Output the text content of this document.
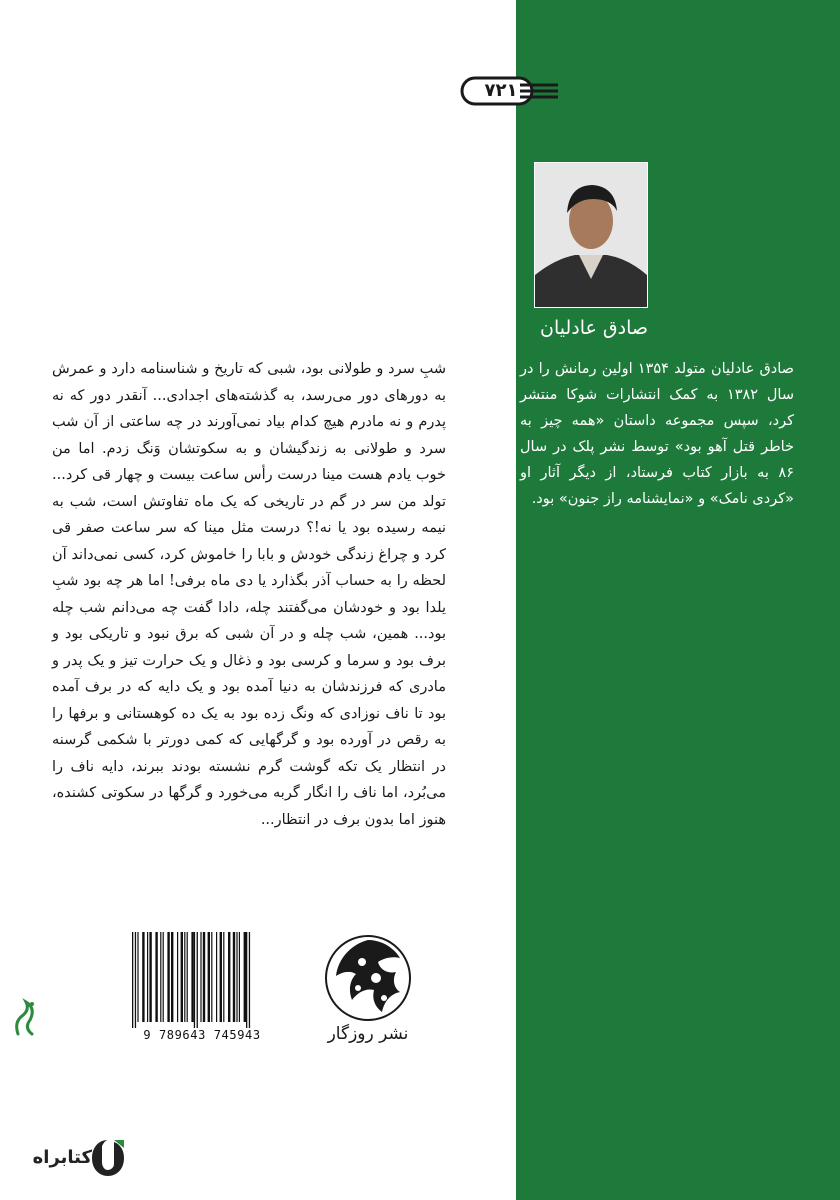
۷۲۱
صادق عادلیان
صادق عادلیان متولد ۱۳۵۴ اولین رمانش را در سال ۱۳۸۲ به کمک انتشارات شوکا منتشر کرد، سپس مجموعه داستان «همه چیز به خاطر قتل آهو بود» توسط نشر پلک در سال ۸۶ به بازار کتاب فرستاد، از دیگر آثار او «کردی نامک» و «نمایشنامه راز جنون» بود.
شبِ سرد و طولانی بود، شبی که تاریخ و شناسنامه دارد و عمرش به دورهای دور می‌رسد، به گذشته‌های اجدادی... آنقدر دور که نه پدرم و نه مادرم هیچ کدام بیاد نمی‌آورند در چه ساعتی از آن شب سرد و طولانی به زندگیشان و به سکوتشان وَنگ زدم. اما من خوب یادم هست مینا درست رأس ساعت بیست و چهار قی کرد... تولد من سر در گم در تاریخی که یک ماه تفاوتش است، شب به نیمه رسیده بود یا نه!؟ درست مثل مینا که سر ساعت صفر قی کرد و چراغ زندگی خودش و بابا را خاموش کرد، کسی نمی‌داند آن لحظه را به حساب آذر بگذارد یا دی ماه برفی! اما هر چه بود شبِ یلدا بود و خودشان می‌گفتند چله، دادا گفت چه می‌دانم شب چله بود... همین، شب چله و در آن شبی که برق نبود و تاریکی بود و برف بود و سرما و کرسی بود و ذغال و یک حرارت تیز و یک پدر و مادری که فرزندشان به دنیا آمده بود و یک دایه که در برف آمده بود تا ناف نوزادی که ونگ زده بود به یک ده کوهستانی و برفها را به رقص در آورده بود و گرگهایی که کمی دورتر با شکمی گرسنه در انتظار یک تکه گوشت گرم نشسته بودند ببرند، دایه ناف را می‌بُرد، اما ناف را انگار گربه می‌خورد و گرگها در سکوتی کشنده، هنوز اما بدون برف در انتظار...
9 789643 745943	نشر روزگار
کتابراه
